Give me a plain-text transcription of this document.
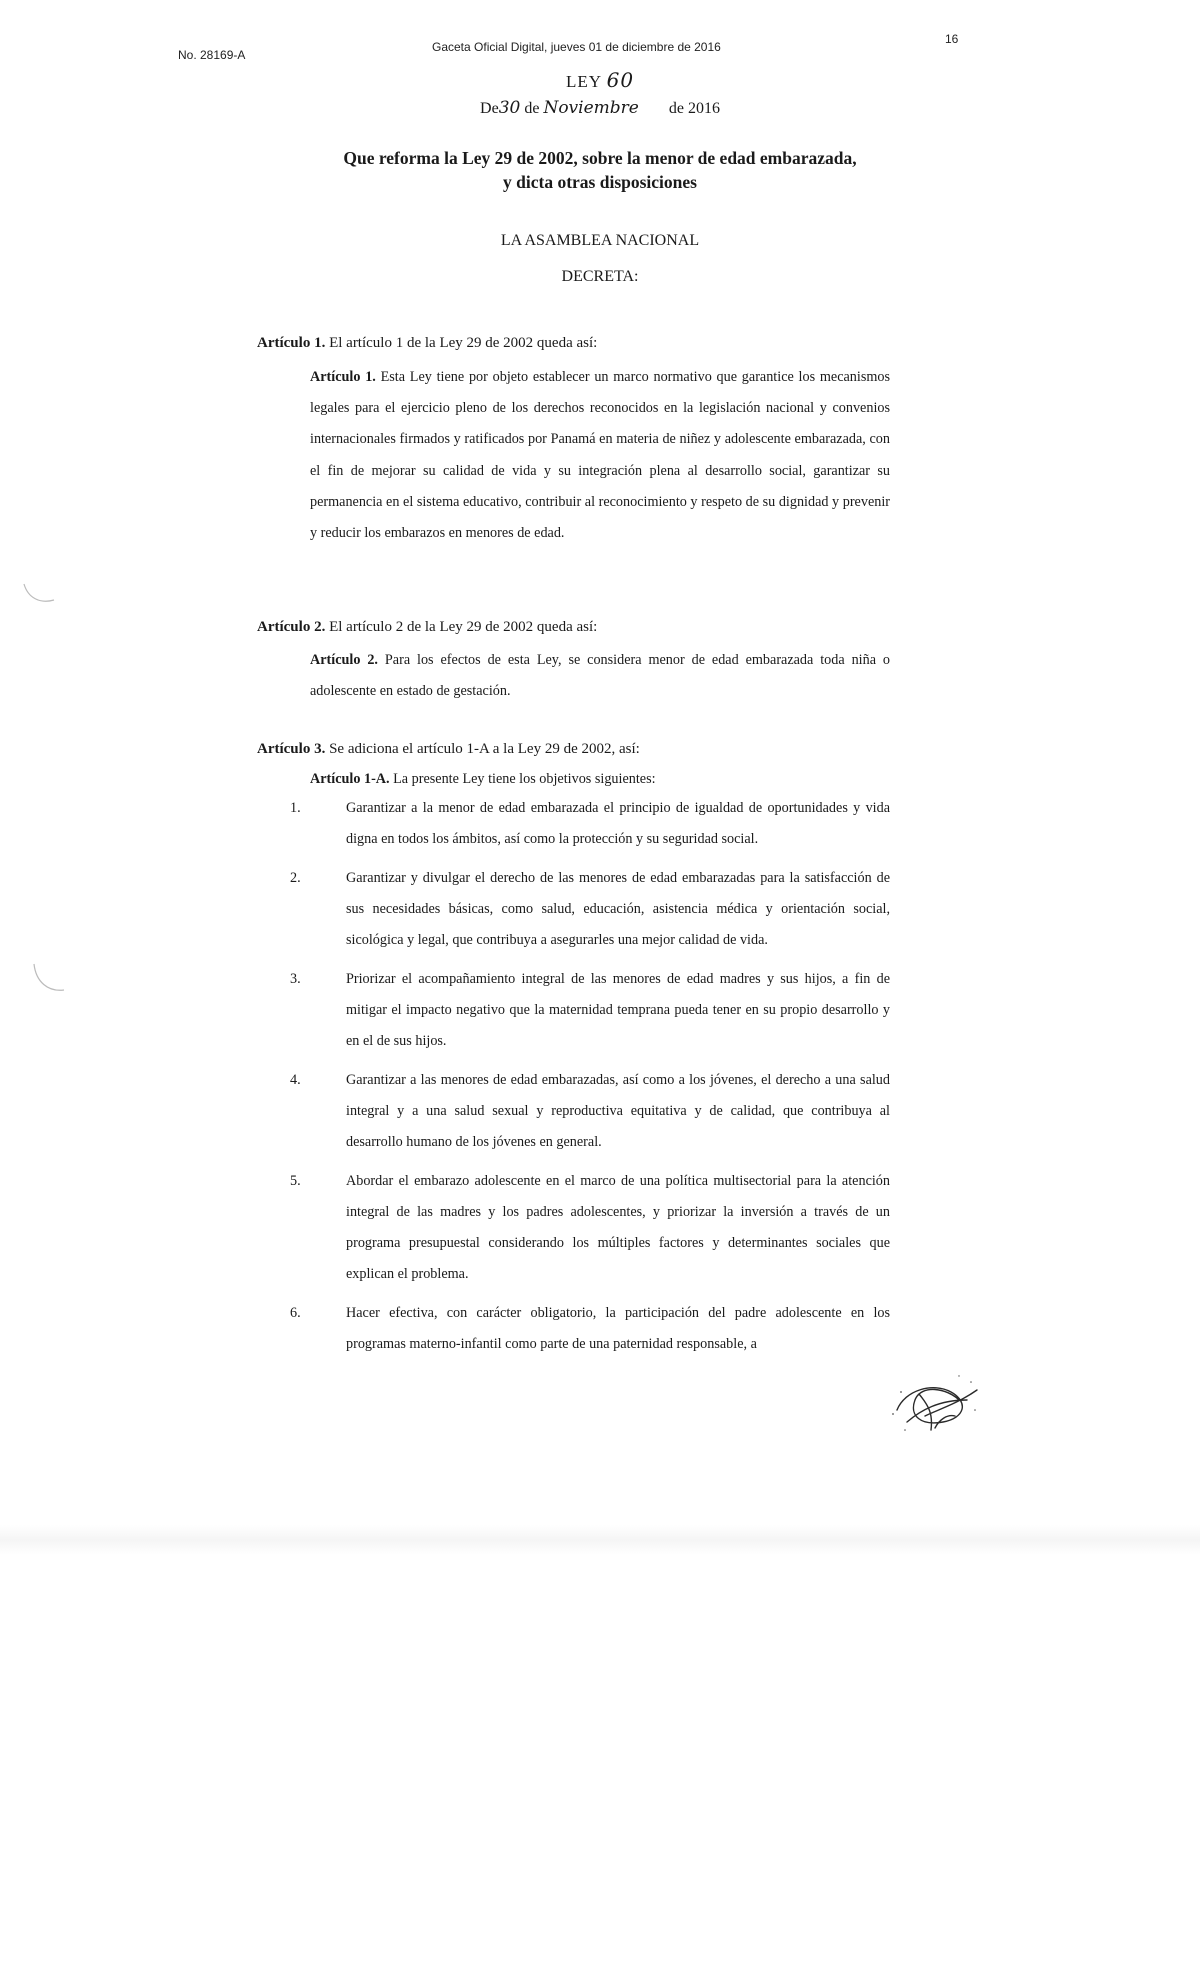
No. 28169-A
Gaceta Oficial Digital, jueves 01 de diciembre de 2016
16
LEY 60
De30 de Noviembre de 2016
Que reforma la Ley 29 de 2002, sobre la menor de edad embarazada,
y dicta otras disposiciones
LA ASAMBLEA NACIONAL
DECRETA:
Artículo 1. El artículo 1 de la Ley 29 de 2002 queda así:
Artículo 1. Esta Ley tiene por objeto establecer un marco normativo que garantice los mecanismos legales para el ejercicio pleno de los derechos reconocidos en la legislación nacional y convenios internacionales firmados y ratificados por Panamá en materia de niñez y adolescente embarazada, con el fin de mejorar su calidad de vida y su integración plena al desarrollo social, garantizar su permanencia en el sistema educativo, contribuir al reconocimiento y respeto de su dignidad y prevenir y reducir los embarazos en menores de edad.
Artículo 2. El artículo 2 de la Ley 29 de 2002 queda así:
Artículo 2. Para los efectos de esta Ley, se considera menor de edad embarazada toda niña o adolescente en estado de gestación.
Artículo 3. Se adiciona el artículo 1-A a la Ley 29 de 2002, así:
Artículo 1-A. La presente Ley tiene los objetivos siguientes:
1.	Garantizar a la menor de edad embarazada el principio de igualdad de oportunidades y vida digna en todos los ámbitos, así como la protección y su seguridad social.
2.	Garantizar y divulgar el derecho de las menores de edad embarazadas para la satisfacción de sus necesidades básicas, como salud, educación, asistencia médica y orientación social, sicológica y legal, que contribuya a asegurarles una mejor calidad de vida.
3.	Priorizar el acompañamiento integral de las menores de edad madres y sus hijos, a fin de mitigar el impacto negativo que la maternidad temprana pueda tener en su propio desarrollo y en el de sus hijos.
4.	Garantizar a las menores de edad embarazadas, así como a los jóvenes, el derecho a una salud integral y a una salud sexual y reproductiva equitativa y de calidad, que contribuya al desarrollo humano de los jóvenes en general.
5.	Abordar el embarazo adolescente en el marco de una política multisectorial para la atención integral de las madres y los padres adolescentes, y priorizar la inversión a través de un programa presupuestal considerando los múltiples factores y determinantes sociales que explican el problema.
6.	Hacer efectiva, con carácter obligatorio, la participación del padre adolescente en los programas materno-infantil como parte de una paternidad responsable, a
